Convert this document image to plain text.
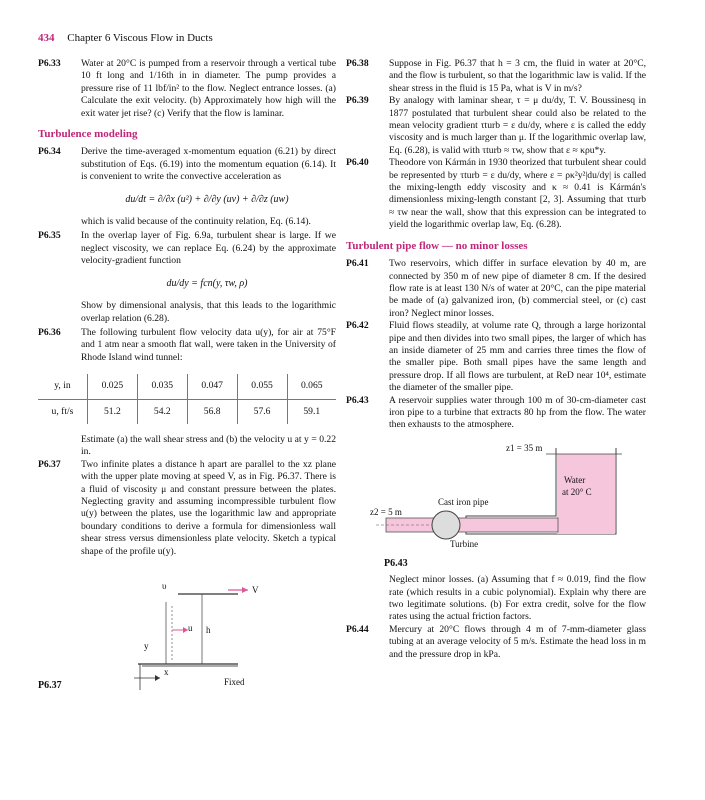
434 Chapter 6 Viscous Flow in Ducts

P6.33 Water at 20°C is pumped from a reservoir through a vertical tube 10 ft long and 1/16th in in diameter. The pump provides a pressure rise of 11 lbf/in² to the flow. Neglect entrance losses. (a) Calculate the exit velocity. (b) Approximately how high will the exit water jet rise? (c) Verify that the flow is laminar.

Turbulence modeling

P6.34 Derive the time-averaged x-momentum equation (6.21) by direct substitution of Eqs. (6.19) into the momentum equation (6.14). It is convenient to write the convective acceleration as

du/dt = ∂/∂x (u²) + ∂/∂y (uv) + ∂/∂z (uw)

which is valid because of the continuity relation, Eq. (6.14).

P6.35 In the overlap layer of Fig. 6.9a, turbulent shear is large. If we neglect viscosity, we can replace Eq. (6.24) by the approximate velocity-gradient function

du/dy = fcn(y, τw, ρ)

Show by dimensional analysis, that this leads to the logarithmic overlap relation (6.28).

P6.36 The following turbulent flow velocity data u(y), for air at 75°F and 1 atm near a smooth flat wall, were taken in the University of Rhode Island wind tunnel:

y, in	0.025	0.035	0.047	0.055	0.065
u, ft/s	51.2	54.2	56.8	57.6	59.1

Estimate (a) the wall shear stress and (b) the velocity u at y = 0.22 in.

P6.37 Two infinite plates a distance h apart are parallel to the xz plane with the upper plate moving at speed V, as in Fig. P6.37. There is a fluid of viscosity μ and constant pressure between the plates. Neglecting gravity and assuming incompressible turbulent flow u(y) between the plates, use the logarithmic law and appropriate boundary conditions to derive a formula for dimensionless wall shear stress versus dimensionless plate velocity. Sketch a typical shape of the profile u(y).

V
υ
u h
y
x
Fixed
P6.37

P6.38 Suppose in Fig. P6.37 that h = 3 cm, the fluid in water at 20°C, and the flow is turbulent, so that the logarithmic law is valid. If the shear stress in the fluid is 15 Pa, what is V in m/s?

P6.39 By analogy with laminar shear, τ = μ du/dy, T. V. Boussinesq in 1877 postulated that turbulent shear could also be related to the mean velocity gradient τturb = ε du/dy, where ε is called the eddy viscosity and is much larger than μ. If the logarithmic overlap law, Eq. (6.28), is valid with τturb ≈ τw, show that ε ≈ κρu*y.

P6.40 Theodore von Kármán in 1930 theorized that turbulent shear could be represented by τturb = ε du/dy, where ε = ρκ²y²|du/dy| is called the mixing-length eddy viscosity and κ ≈ 0.41 is Kármán's dimensionless mixing-length constant [2, 3]. Assuming that τturb ≈ τw near the wall, show that this expression can be integrated to yield the logarithmic overlap law, Eq. (6.28).

Turbulent pipe flow — no minor losses

P6.41 Two reservoirs, which differ in surface elevation by 40 m, are connected by 350 m of new pipe of diameter 8 cm. If the desired flow rate is at least 130 N/s of water at 20°C, can the pipe material be made of (a) galvanized iron, (b) commercial steel, or (c) cast iron? Neglect minor losses.

P6.42 Fluid flows steadily, at volume rate Q, through a large horizontal pipe and then divides into two small pipes, the larger of which has an inside diameter of 25 mm and carries three times the flow of the smaller pipe. Both small pipes have the same length and pressure drop. If all flows are turbulent, at ReD near 10⁴, estimate the diameter of the smaller pipe.

P6.43 A reservoir supplies water through 100 m of 30-cm-diameter cast iron pipe to a turbine that extracts 80 hp from the flow. The water then exhausts to the atmosphere.

z1 = 35 m
Water
at 20° C
Cast iron pipe
z2 = 5 m
Turbine
P6.43

Neglect minor losses. (a) Assuming that f ≈ 0.019, find the flow rate (which results in a cubic polynomial). Explain why there are two legitimate solutions. (b) For extra credit, solve for the flow rates using the actual friction factors.

P6.44 Mercury at 20°C flows through 4 m of 7-mm-diameter glass tubing at an average velocity of 5 m/s. Estimate the head loss in m and the pressure drop in kPa.
